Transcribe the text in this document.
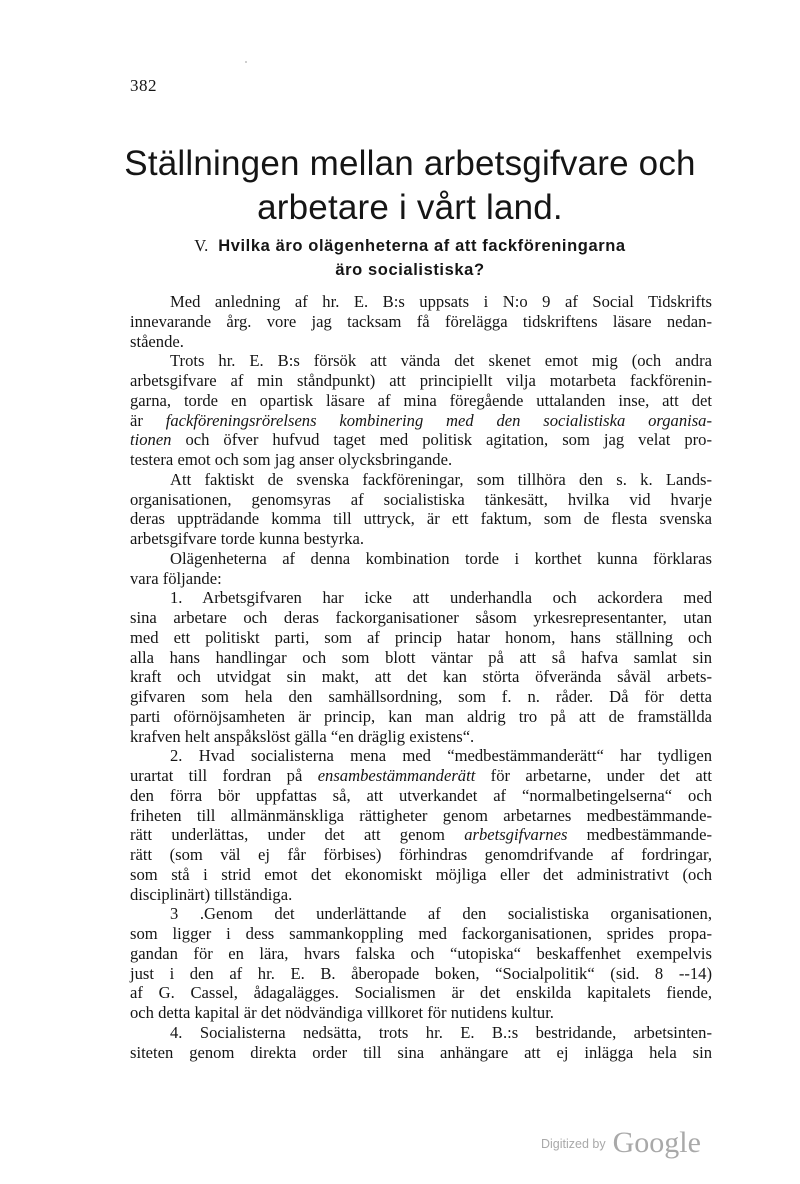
382
Ställningen mellan arbetsgifvare och
arbetare i vårt land.
V. Hvilka äro olägenheterna af att fackföreningarna
äro socialistiska?
Med anledning af hr. E. B:s uppsats i N:o 9 af Social Tidskrifts
innevarande årg. vore jag tacksam få förelägga tidskriftens läsare nedan-
stående.
Trots hr. E. B:s försök att vända det skenet emot mig (och andra
arbetsgifvare af min ståndpunkt) att principiellt vilja motarbeta fackförenin-
garna, torde en opartisk läsare af mina föregående uttalanden inse, att det
är fackföreningsrörelsens kombinering med den socialistiska organisa-
tionen och öfver hufvud taget med politisk agitation, som jag velat pro-
testera emot och som jag anser olycksbringande.
Att faktiskt de svenska fackföreningar, som tillhöra den s. k. Lands-
organisationen, genomsyras af socialistiska tänkesätt, hvilka vid hvarje
deras uppträdande komma till uttryck, är ett faktum, som de flesta svenska
arbetsgifvare torde kunna bestyrka.
Olägenheterna af denna kombination torde i korthet kunna förklaras
vara följande:
1. Arbetsgifvaren har icke att underhandla och ackordera med
sina arbetare och deras fackorganisationer såsom yrkesrepresentanter, utan
med ett politiskt parti, som af princip hatar honom, hans ställning och
alla hans handlingar och som blott väntar på att så hafva samlat sin
kraft och utvidgat sin makt, att det kan störta öfverända såväl arbets-
gifvaren som hela den samhällsordning, som f. n. råder. Då för detta
parti oförnöjsamheten är princip, kan man aldrig tro på att de framställda
krafven helt anspåkslöst gälla “en dräglig existens“.
2. Hvad socialisterna mena med “medbestämmanderätt“ har tydligen
urartat till fordran på ensambestämmanderätt för arbetarne, under det att
den förra bör uppfattas så, att utverkandet af “normalbetingelserna“ och
friheten till allmänmänskliga rättigheter genom arbetarnes medbestämmande-
rätt underlättas, under det att genom arbetsgifvarnes medbestämmande-
rätt (som väl ej får förbises) förhindras genomdrifvande af fordringar,
som stå i strid emot det ekonomiskt möjliga eller det administrativt (och
disciplinärt) tillständiga.
3 .Genom det underlättande af den socialistiska organisationen,
som ligger i dess sammankoppling med fackorganisationen, sprides propa-
gandan för en lära, hvars falska och “utopiska“ beskaffenhet exempelvis
just i den af hr. E. B. åberopade boken, “Socialpolitik“ (sid. 8 --14)
af G. Cassel, ådagalägges. Socialismen är det enskilda kapitalets fiende,
och detta kapital är det nödvändiga villkoret för nutidens kultur.
4. Socialisterna nedsätta, trots hr. E. B.:s bestridande, arbetsinten-
siteten genom direkta order till sina anhängare att ej inlägga hela sin
$^{Digitized by}$ Google
